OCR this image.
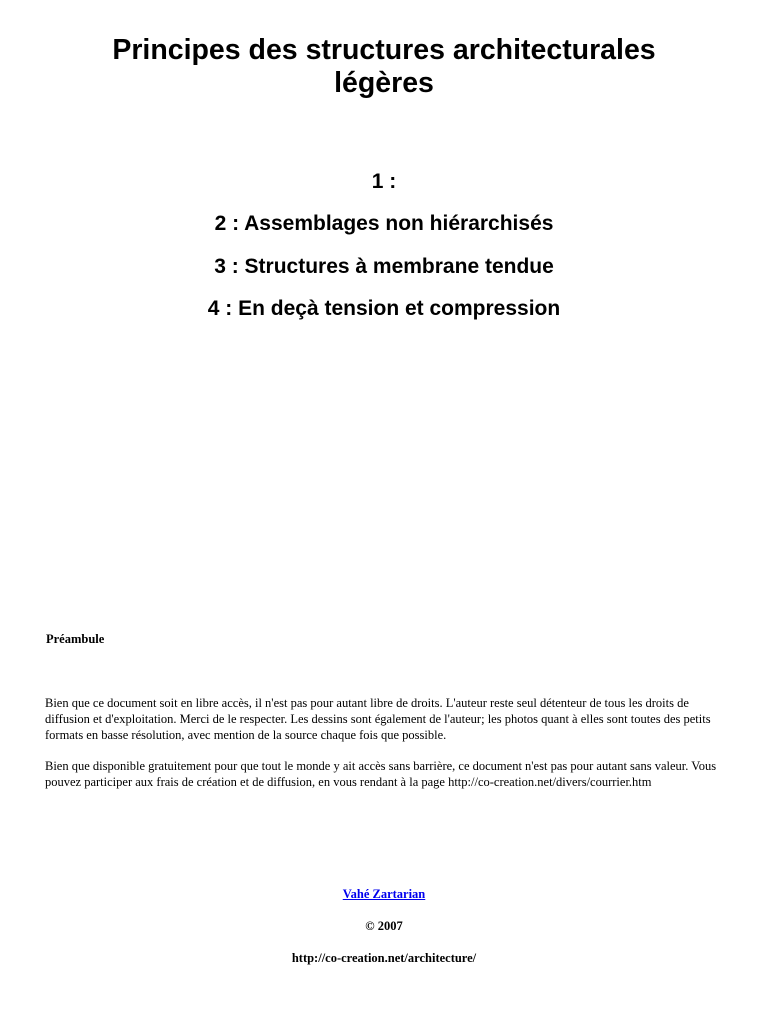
Principes des structures architecturales légères

1 :

2 : Assemblages non hiérarchisés

3 : Structures à membrane tendue

4 : En deçà tension et compression

Préambule

Bien que ce document soit en libre accès, il n'est pas pour autant libre de droits. L'auteur reste seul détenteur de tous les droits de diffusion et d'exploitation. Merci de le respecter. Les dessins sont également de l'auteur; les photos quant à elles sont toutes des petits formats en basse résolution, avec mention de la source chaque fois que possible.

Bien que disponible gratuitement pour que tout le monde y ait accès sans barrière, ce document n'est pas pour autant sans valeur. Vous pouvez participer aux frais de création et de diffusion, en vous rendant à la page http://co-creation.net/divers/courrier.htm

Vahé Zartarian

© 2007

http://co-creation.net/architecture/
